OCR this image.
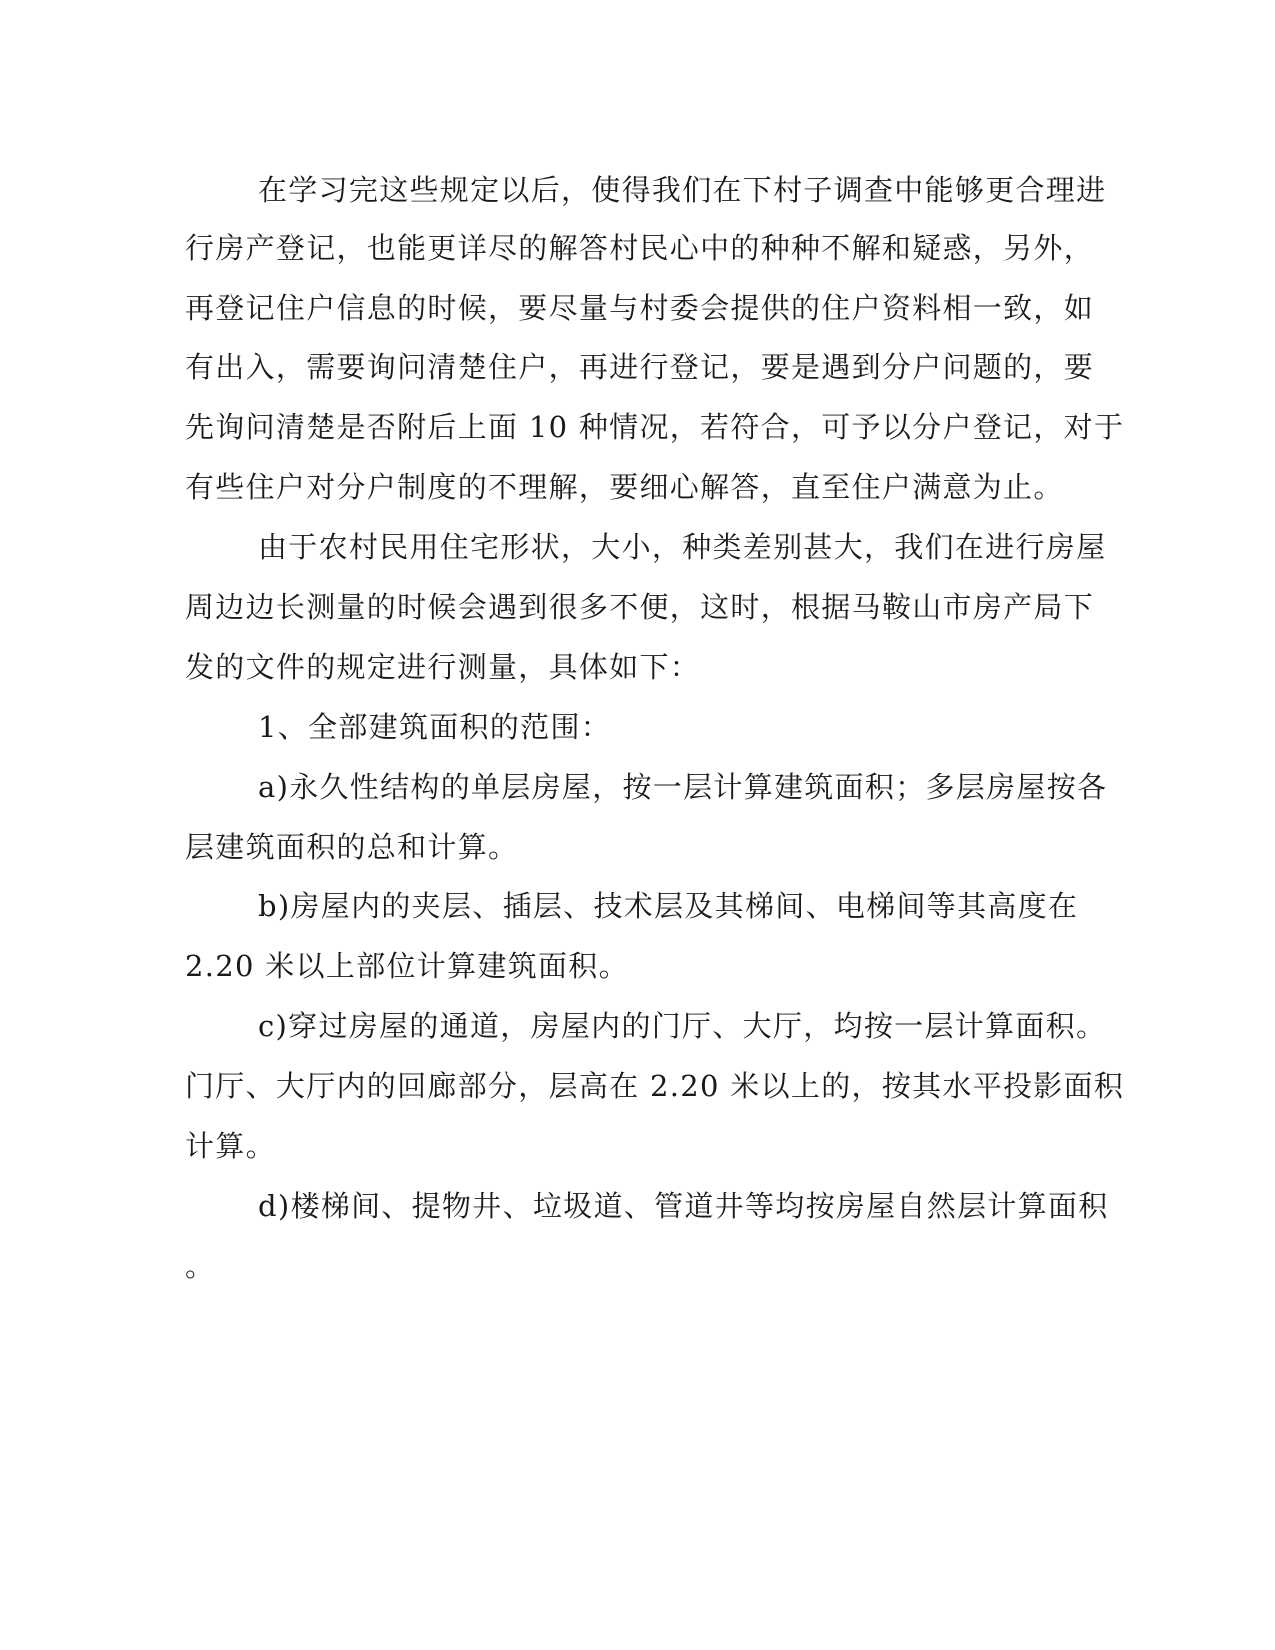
在学习完这些规定以后，使得我们在下村子调查中能够更合理进
行房产登记，也能更详尽的解答村民心中的种种不解和疑惑，另外，
再登记住户信息的时候，要尽量与村委会提供的住户资料相一致，如
有出入，需要询问清楚住户，再进行登记，要是遇到分户问题的，要
先询问清楚是否附后上面 10 种情况，若符合，可予以分户登记，对于
有些住户对分户制度的不理解，要细心解答，直至住户满意为止。
由于农村民用住宅形状，大小，种类差别甚大，我们在进行房屋
周边边长测量的时候会遇到很多不便，这时，根据马鞍山市房产局下
发的文件的规定进行测量，具体如下：
1、全部建筑面积的范围：
a)永久性结构的单层房屋，按一层计算建筑面积；多层房屋按各
层建筑面积的总和计算。
b)房屋内的夹层、插层、技术层及其梯间、电梯间等其高度在
2.20 米以上部位计算建筑面积。
c)穿过房屋的通道，房屋内的门厅、大厅，均按一层计算面积。
门厅、大厅内的回廊部分，层高在 2.20 米以上的，按其水平投影面积
计算。
d)楼梯间、提物井、垃圾道、管道井等均按房屋自然层计算面积
。
